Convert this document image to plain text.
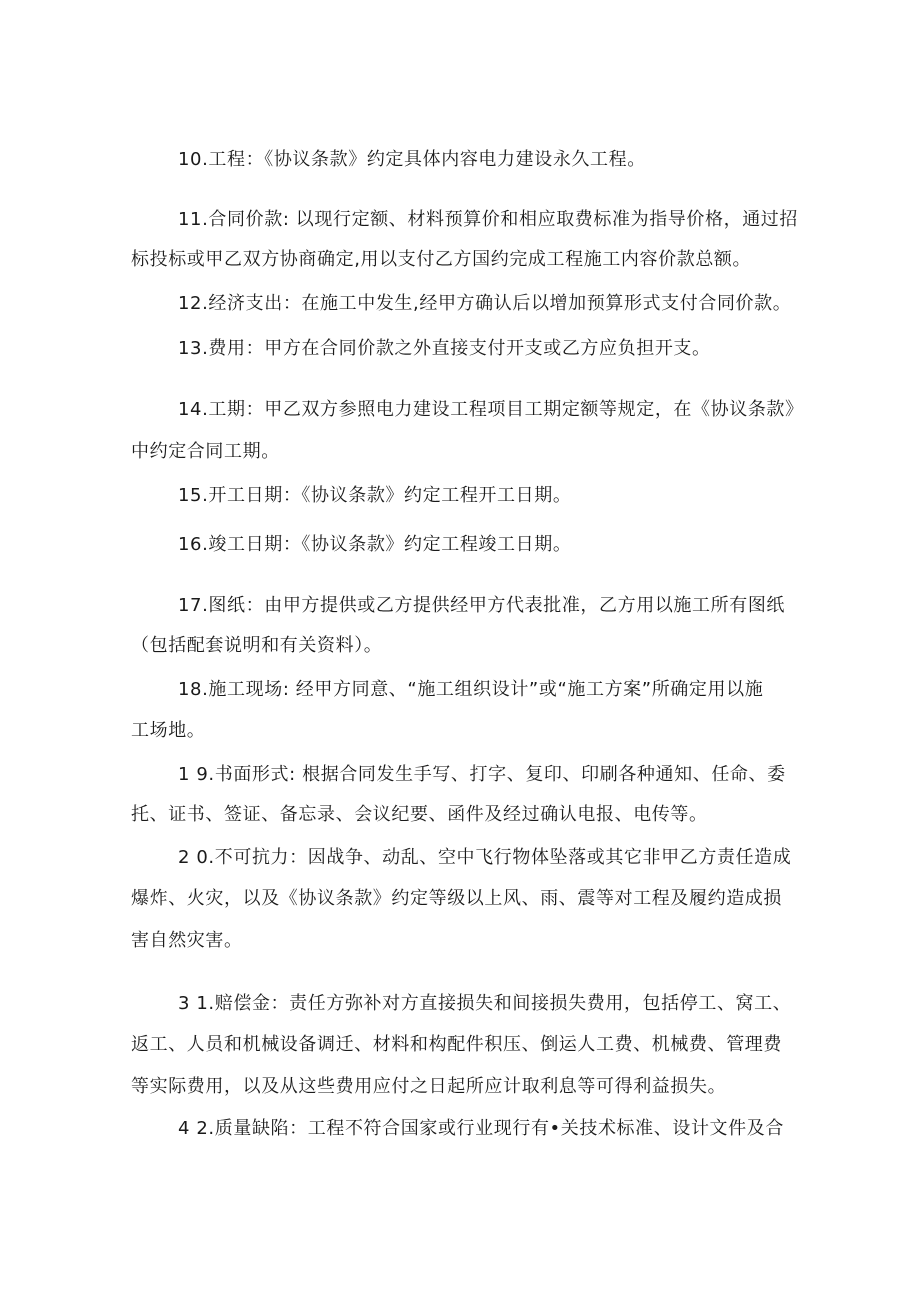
10.工程：《协议条款》约定具体内容电力建设永久工程。
11.合同价款: 以现行定额、材料预算价和相应取费标准为指导价格，通过招
标投标或甲乙双方协商确定,用以支付乙方国约完成工程施工内容价款总额。
12.经济支出：在施工中发生,经甲方确认后以增加预算形式支付合同价款。
13.费用：甲方在合同价款之外直接支付开支或乙方应负担开支。
14.工期：甲乙双方参照电力建设工程项目工期定额等规定，在《协议条款》
中约定合同工期。
15.开工日期：《协议条款》约定工程开工日期。
16.竣工日期：《协议条款》约定工程竣工日期。
17.图纸：由甲方提供或乙方提供经甲方代表批准，乙方用以施工所有图纸
（包括配套说明和有关资料）。
18.施工现场: 经甲方同意、“施工组织设计”或“施工方案”所确定用以施
工场地。
1 9.书面形式: 根据合同发生手写、打字、复印、印刷各种通知、任命、委
托、证书、签证、备忘录、会议纪要、函件及经过确认电报、电传等。
2 0.不可抗力：因战争、动乱、空中飞行物体坠落或其它非甲乙方责任造成
爆炸、火灾，以及《协议条款》约定等级以上风、雨、震等对工程及履约造成损
害自然灾害。
3 1.赔偿金：责任方弥补对方直接损失和间接损失费用，包括停工、窝工、
返工、人员和机械设备调迁、材料和构配件积压、倒运人工费、机械费、管理费
等实际费用，以及从这些费用应付之日起所应计取利息等可得利益损失。
4 2.质量缺陷：工程不符合国家或行业现行有•关技术标准、设计文件及合
